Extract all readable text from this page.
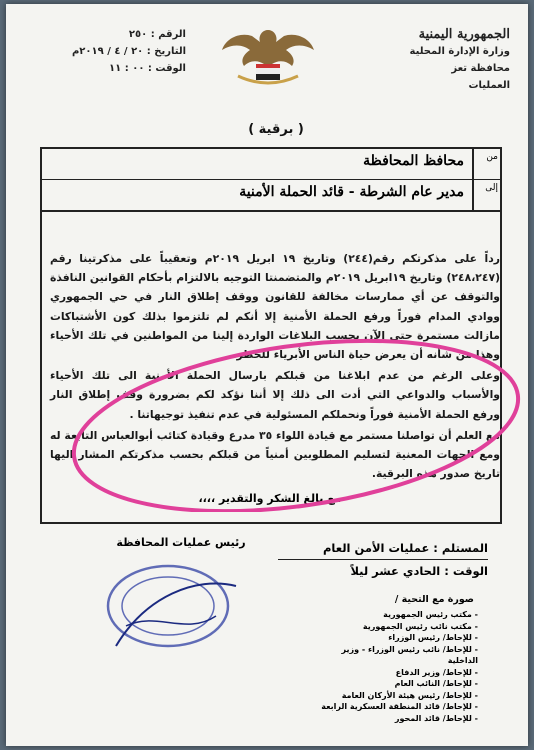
الجمهورية اليمنية
وزارة الإدارة المحلية
محافظة تعز
العمليات
الرقم : ٢٥٠
التاريخ : ٢٠ / ٤ / ٢٠١٩م
الوقت : ٠٠ : ١١
( برقية )
من
محافظ المحافظة
إلى
مدير عام الشرطة - قائد الحملة الأمنية

رداً على مذكرتكم رقم(٢٤٤) وتاريخ ١٩ ابريل ٢٠١٩م وتعقيباً على مذكرتينا رقم (٢٤٨،٢٤٧) وتاريخ ١٩ابريل ٢٠١٩م والمتضمنتا التوجيه بالالتزام بأحكام القوانين النافذة والتوقف عن أي ممارسات مخالفة للقانون ووقف إطلاق النار في حي الجمهوري ووادي المدام فوراً ورفع الحملة الأمنية إلا أنكم لم تلتزموا بذلك كون الأشتباكات مازالت مستمرة حتى الآن بحسب البلاغات الواردة إلينا من المواطنين في تلك الأحياء وهذا من شأنه أن يعرض حياة الناس الأبرياء للخطر.

وعلى الرغم من عدم ابلاغنا من قبلكم بارسال الحملة الأمنية الى تلك الأحياء والأسباب والدواعي التي أدت الى ذلك إلا أننا نؤكد لكم بضرورة وقف إطلاق النار ورفع الحملة الأمنية فوراً ونحملكم المسئولية في عدم تنفيذ توجيهاتنا .

مع العلم أن تواصلنا مستمر مع قيادة اللواء ٣٥ مدرع وقيادة كتائب أبوالعباس التابعة له ومع الجهات المعنية لتسليم المطلوبين أمنياً من قبلكم بحسب مذكرتكم المشار اليها تاريخ صدور هذه البرقية.

مع بالغ الشكر والتقدير ،،،،
المستلم : عمليات الأمن العام
الوقت : الحادي عشر ليلاً
رئيس عمليات المحافظة
صورة مع التحية /
- مكتب رئيس الجمهورية
- مكتب نائب رئيس الجمهورية
- للإحاط/ رئيس الوزراء
- للإحاط/ نائب رئيس الوزراء - وزير الداخلية
- للإحاط/ وزير الدفاع
- للإحاط/ النائب العام
- للإحاط/ رئيس هيئة الأركان العامة
- للإحاط/ قائد المنطقة العسكرية الرابعة
- للإحاط/ قائد المحور
